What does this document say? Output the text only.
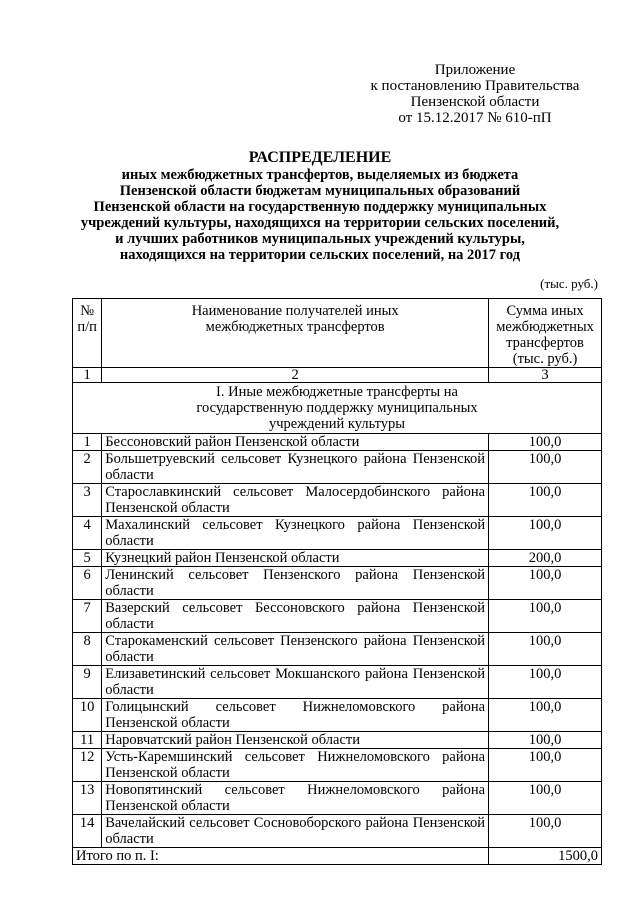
Приложение
к постановлению Правительства
Пензенской области
от 15.12.2017 № 610-пП
РАСПРЕДЕЛЕНИЕ
иных межбюджетных трансфертов, выделяемых из бюджета
Пензенской области бюджетам муниципальных образований
Пензенской области на государственную поддержку муниципальных
учреждений культуры, находящихся на территории сельских поселений,
и лучших работников муниципальных учреждений культуры,
находящихся на территории сельских поселений, на 2017 год
(тыс. руб.)
№ п/п	Наименование получателей иных межбюджетных трансфертов	Сумма иных межбюджетных трансфертов (тыс. руб.)
1	2	3
I. Иные межбюджетные трансферты на государственную поддержку муниципальных учреждений культуры		
1	Бессоновский район Пензенской области	100,0
2	Большетруевский сельсовет Кузнецкого района Пензенской области	100,0
3	Старославкинский сельсовет Малосердобинского района Пензенской области	100,0
4	Махалинский сельсовет Кузнецкого района Пензенской области	100,0
5	Кузнецкий район Пензенской области	200,0
6	Ленинский сельсовет Пензенского района Пензенской области	100,0
7	Вазерский сельсовет Бессоновского района Пензенской области	100,0
8	Старокаменский сельсовет Пензенского района Пензенской области	100,0
9	Елизаветинский сельсовет Мокшанского района Пензенской области	100,0
10	Голицынский сельсовет Нижнеломовского района Пензенской области	100,0
11	Наровчатский район Пензенской области	100,0
12	Усть-Каремшинский сельсовет Нижнеломовского района Пензенской области	100,0
13	Новопятинский сельсовет Нижнеломовского района Пензенской области	100,0
14	Вачелайский сельсовет Сосновоборского района Пензенской области	100,0
Итого по п. I:		1500,0
